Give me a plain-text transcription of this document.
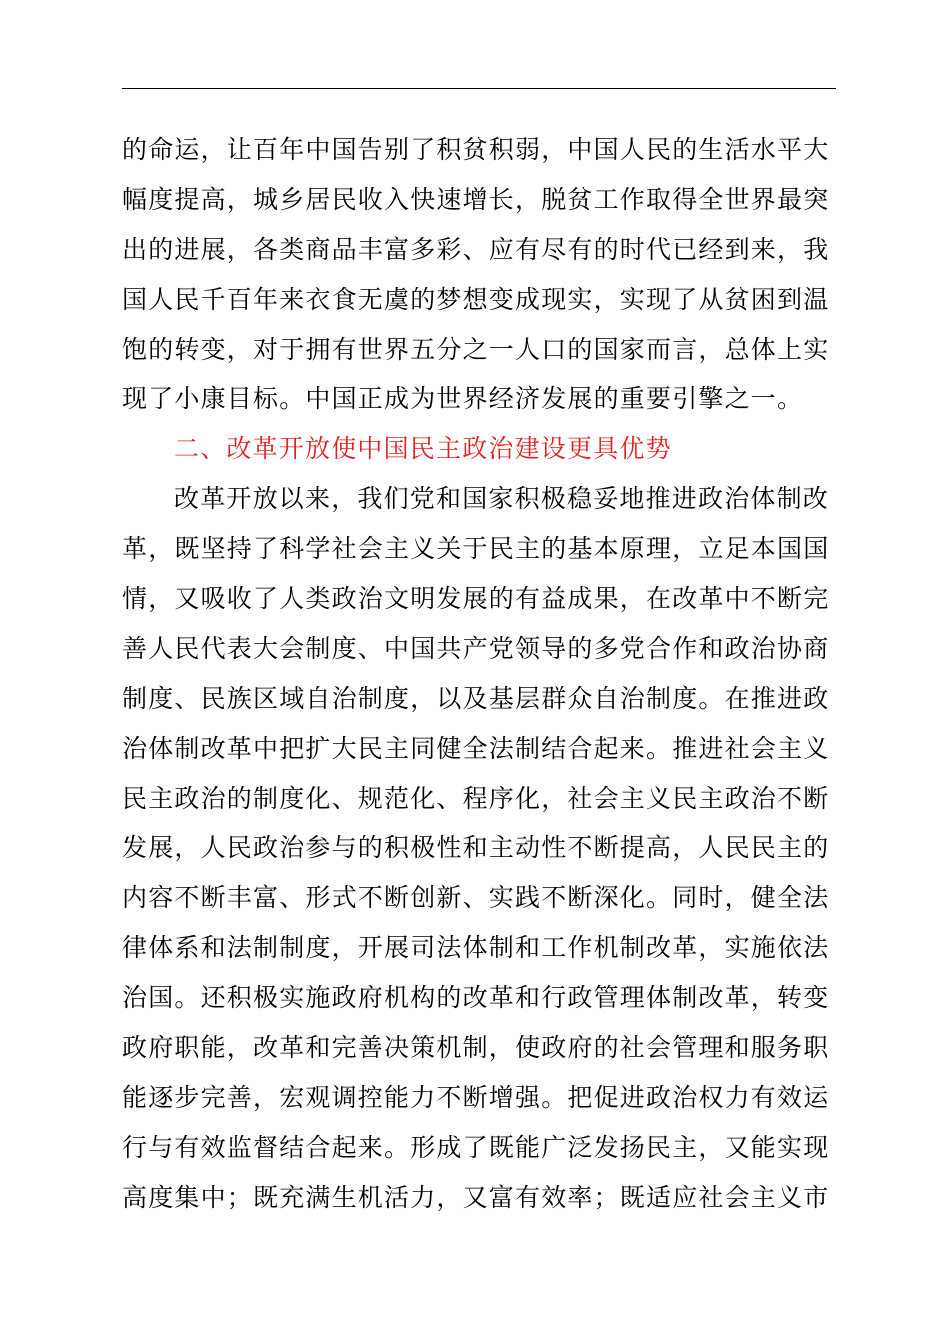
的命运，让百年中国告别了积贫积弱，中国人民的生活水平大
幅度提高，城乡居民收入快速增长，脱贫工作取得全世界最突
出的进展，各类商品丰富多彩、应有尽有的时代已经到来，我
国人民千百年来衣食无虞的梦想变成现实，实现了从贫困到温
饱的转变，对于拥有世界五分之一人口的国家而言，总体上实
现了小康目标。中国正成为世界经济发展的重要引擎之一。
二、改革开放使中国民主政治建设更具优势
改革开放以来，我们党和国家积极稳妥地推进政治体制改
革，既坚持了科学社会主义关于民主的基本原理，立足本国国
情，又吸收了人类政治文明发展的有益成果，在改革中不断完
善人民代表大会制度、中国共产党领导的多党合作和政治协商
制度、民族区域自治制度，以及基层群众自治制度。在推进政
治体制改革中把扩大民主同健全法制结合起来。推进社会主义
民主政治的制度化、规范化、程序化，社会主义民主政治不断
发展，人民政治参与的积极性和主动性不断提高，人民民主的
内容不断丰富、形式不断创新、实践不断深化。同时，健全法
律体系和法制制度，开展司法体制和工作机制改革，实施依法
治国。还积极实施政府机构的改革和行政管理体制改革，转变
政府职能，改革和完善决策机制，使政府的社会管理和服务职
能逐步完善，宏观调控能力不断增强。把促进政治权力有效运
行与有效监督结合起来。形成了既能广泛发扬民主，又能实现
高度集中；既充满生机活力，又富有效率；既适应社会主义市
